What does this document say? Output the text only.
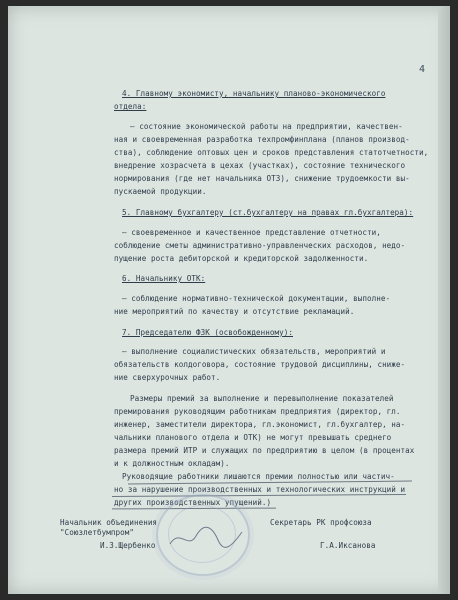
4
4. Главному экономисту, начальнику планово-экономического
отдела:
– состояние экономической работы на предприятии, качествен-
ная и своевременная разработка техпромфинплана (планов производ-
ства), соблюдение оптовых цен и сроков представления статотчетности,
внедрение хозрасчета в цехах (участках), состояние технического
нормирования (где нет начальника ОТЗ), снижение трудоемкости вы-
пускаемой продукции.
5. Главному бухгалтеру (ст.бухгалтеру на правах гл.бухгалтера):
– своевременное и качественное представление отчетности,
соблюдение сметы административно-управленческих расходов, недо-
пущение роста дебиторской и кредиторской задолженности.
6. Начальнику ОТК:
– соблюдение нормативно-технической документации, выполне-
ние мероприятий по качеству и отсутствие рекламаций.
7. Председателю ФЗК (освобожденному):
– выполнение социалистических обязательств, мероприятий и
обязательств колдоговора, состояние трудовой дисциплины, сниже-
ние сверхурочных работ.
Размеры премий за выполнение и перевыполнение показателей
премирования руководящим работникам предприятия (директор, гл.
инженер, заместители директора, гл.экономист, гл.бухгалтер, на-
чальники планового отдела и ОТК) не могут превышать среднего
размера премий ИТР и служащих по предприятию в целом (в процентах
и к должностным окладам).
Руководящие работники лишаются премии полностью или частич-
но за нарушение производственных и технологических инструкций и
других производственных упущений.)
Начальник объединения
"Союзлетбумпром"
И.З.Щербенко
Секретарь РК профсоюза
Г.А.Иксанова
